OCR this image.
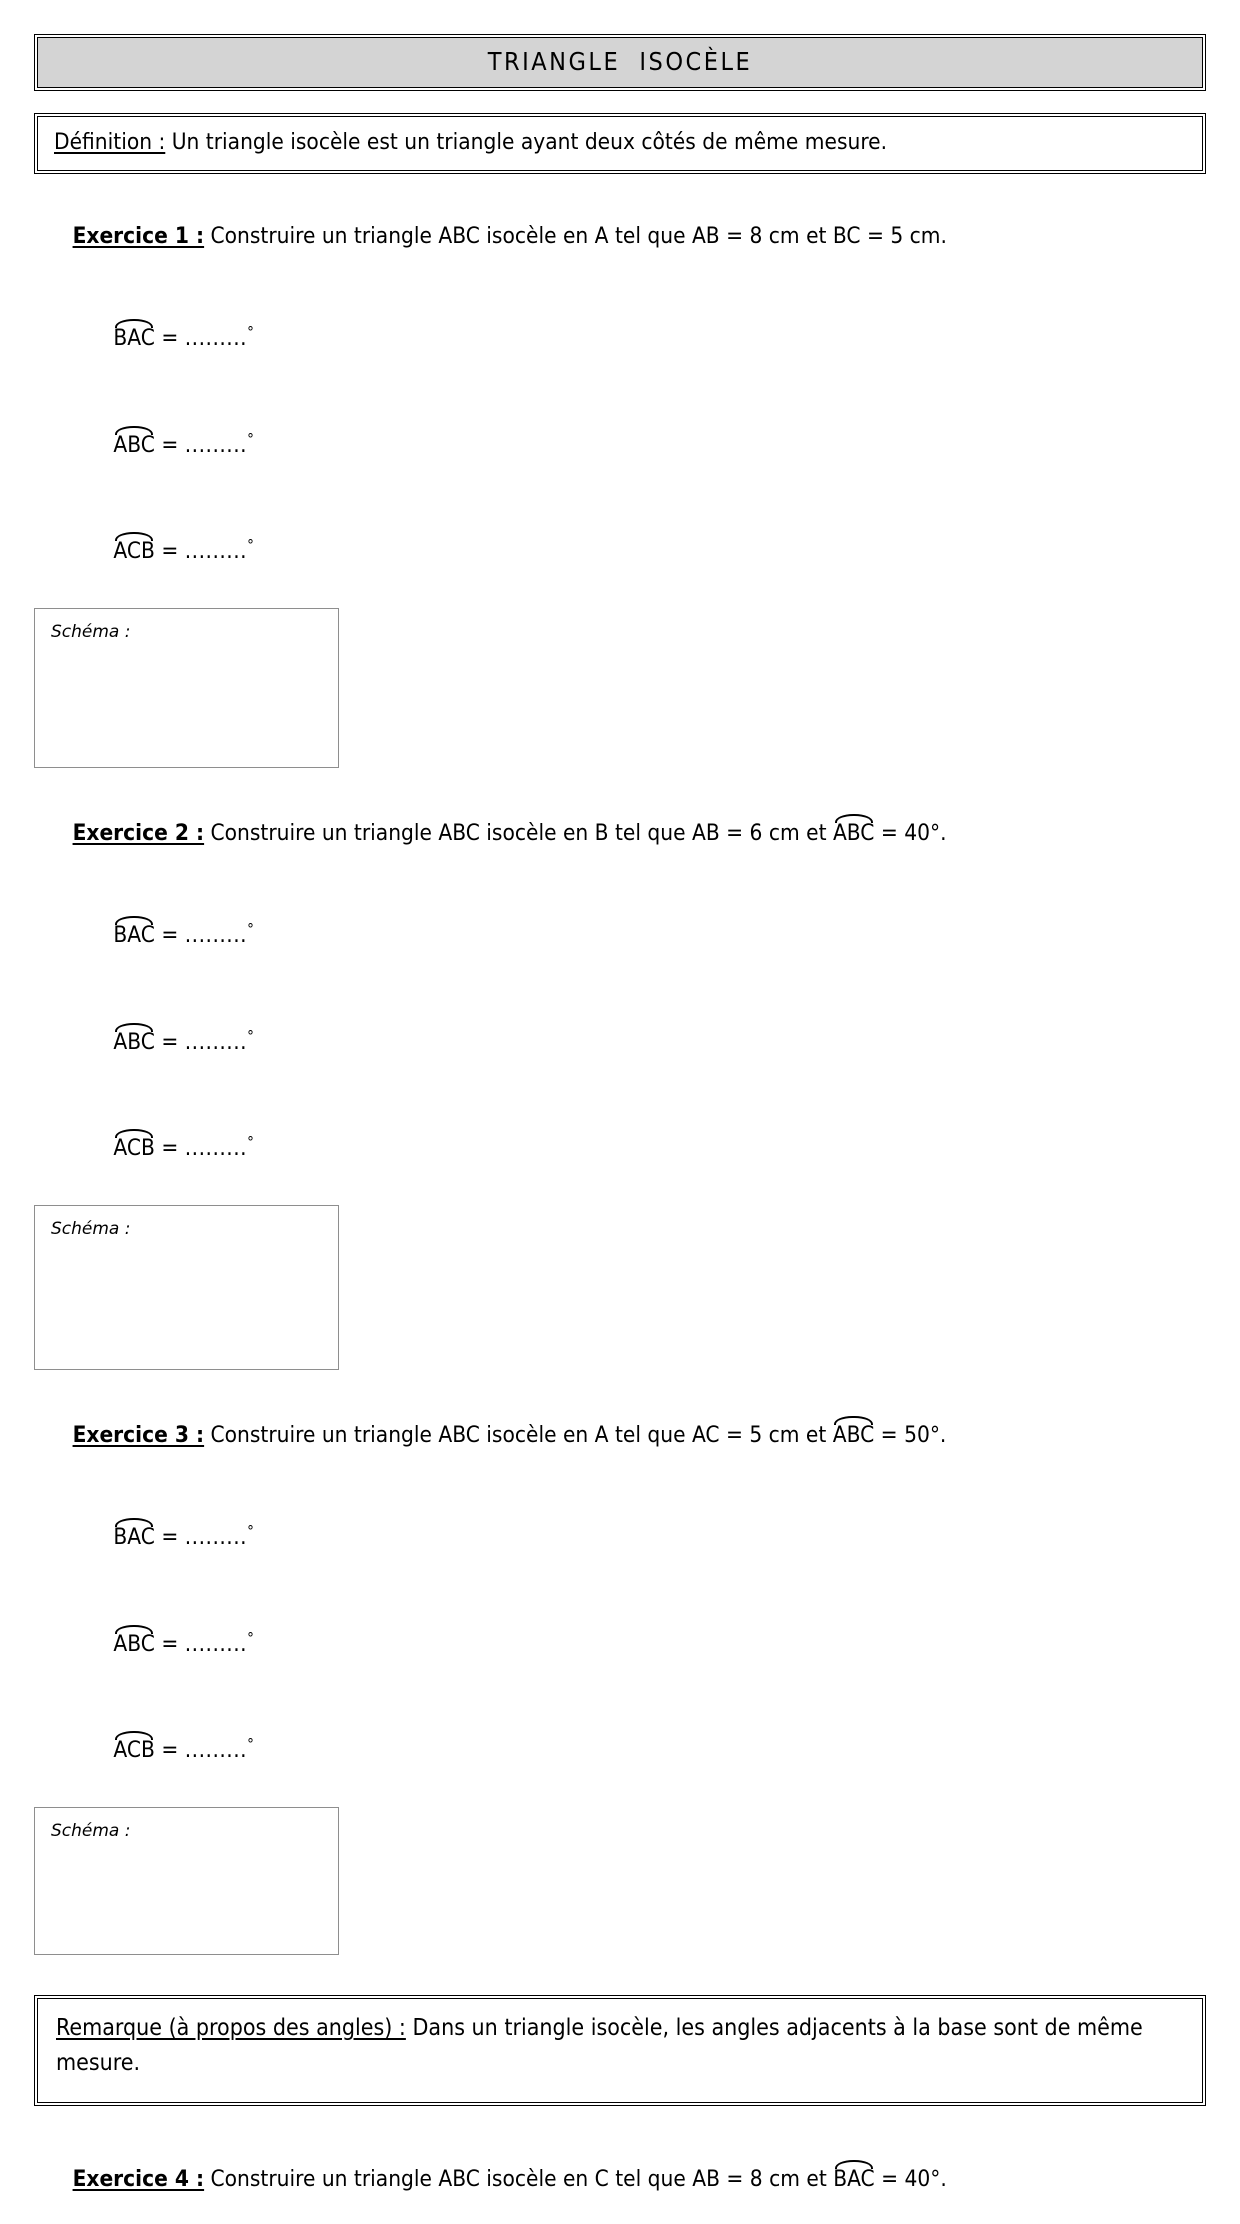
TRIANGLE  ISOCÈLE
Définition : Un triangle isocèle est un triangle ayant deux côtés de même mesure.

Exercice 1 : Construire un triangle ABC isocèle en A tel que AB = 8 cm et BC = 5 cm.

BAC = .........°

ABC = .........°

ACB = .........°

Schéma :

Exercice 2 : Construire un triangle ABC isocèle en B tel que AB = 6 cm et
ABC = 40°.

BAC = .........°

ABC = .........°

ACB = .........°

Schéma :

Exercice 3 : Construire un triangle ABC isocèle en A tel que AC = 5 cm et
ABC = 50°.

BAC = .........°

ABC = .........°

ACB = .........°

Schéma :
Remarque (à propos des angles) : Dans un triangle isocèle, les angles adjacents à la base sont de même mesure.

Exercice 4 : Construire un triangle ABC isocèle en C tel que AB = 8 cm et
BAC = 40°.
